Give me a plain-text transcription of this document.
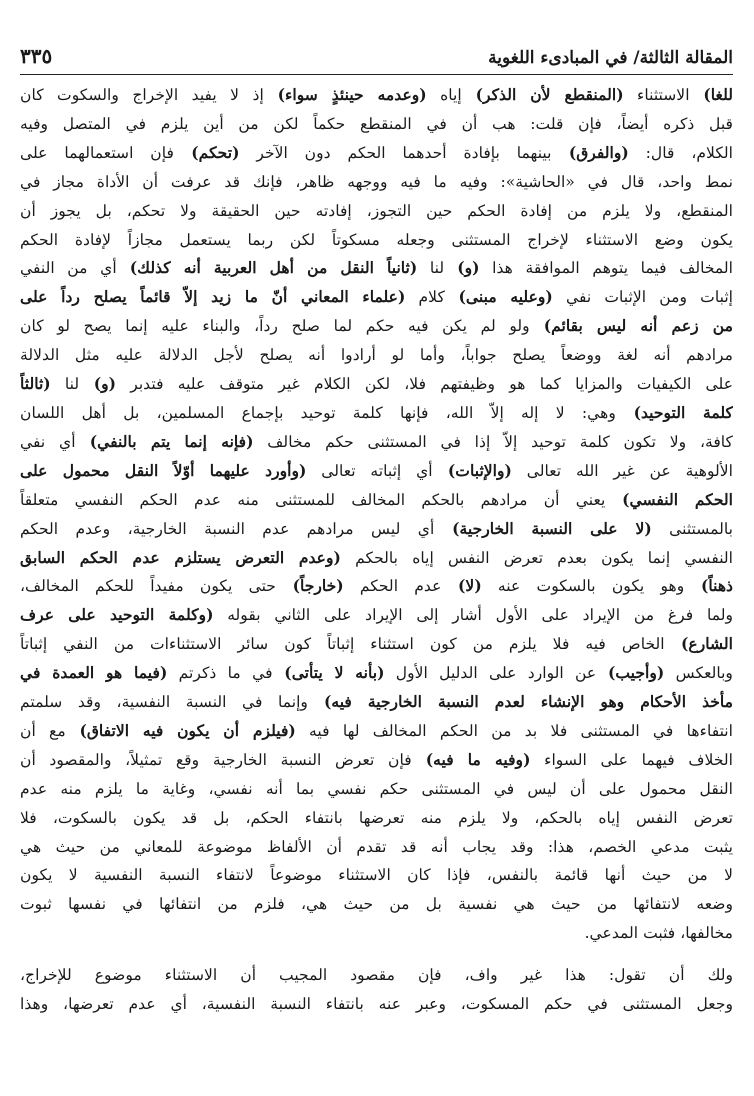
المقالة الثالثة/ في المبادىء اللغوية
٣٣٥
للغا) الاستثناء (المنقطع لأن الذكر) إياه (وعدمه حينئذٍ سواء) إذ لا يفيد الإخراج والسكوت كان
قبل ذكره أيضاً، فإن قلت: هب أن في المنقطع حكماً لكن من أين يلزم في المتصل وفيه
الكلام، قال: (والفرق) بينهما بإفادة أحدهما الحكم دون الآخر (تحكم) فإن استعمالهما على
نمط واحد، قال في «الحاشية»: وفيه ما فيه ووجهه ظاهر، فإنك قد عرفت أن الأداة مجاز في
المنقطع، ولا يلزم من إفادة الحكم حين التجوز، إفادته حين الحقيقة ولا تحكم، بل يجوز أن
يكون وضع الاستثناء لإخراج المستثنى وجعله مسكوتاً لكن ربما يستعمل مجازاً لإفادة الحكم
المخالف فيما يتوهم الموافقة هذا (و) لنا (ثانياً النقل من أهل العربية أنه كذلك) أي من النفي
إثبات ومن الإثبات نفي (وعليه مبنى) كلام (علماء المعاني أنّ ما زيد إلاّ قائماً يصلح رداً على
من زعم أنه ليس بقائم) ولو لم يكن فيه حكم لما صلح رداً، والبناء عليه إنما يصح لو كان
مرادهم أنه لغة ووضعاً يصلح جواباً، وأما لو أرادوا أنه يصلح لأجل الدلالة عليه مثل الدلالة
على الكيفيات والمزايا كما هو وظيفتهم فلا، لكن الكلام غير متوقف عليه فتدبر (و) لنا (ثالثاً
كلمة التوحيد) وهي: لا إله إلاّ الله، فإنها كلمة توحيد بإجماع المسلمين، بل أهل اللسان
كافة، ولا تكون كلمة توحيد إلاّ إذا في المستثنى حكم مخالف (فإنه إنما يتم بالنفي) أي نفي
الألوهية عن غير الله تعالى (والإثبات) أي إثباته تعالى (وأورد عليهما أوّلاً النقل محمول على
الحكم النفسي) يعني أن مرادهم بالحكم المخالف للمستثنى منه عدم الحكم النفسي متعلقاً
بالمستثنى (لا على النسبة الخارجية) أي ليس مرادهم عدم النسبة الخارجية، وعدم الحكم
النفسي إنما يكون بعدم تعرض النفس إياه بالحكم (وعدم التعرض يستلزم عدم الحكم السابق
ذهناً) وهو يكون بالسكوت عنه (لا) عدم الحكم (خارجاً) حتى يكون مفيداً للحكم المخالف،
ولما فرغ من الإيراد على الأول أشار إلى الإيراد على الثاني بقوله (وكلمة التوحيد على عرف
الشارع) الخاص فيه فلا يلزم من كون استثناء إثباتاً كون سائر الاستثناءات من النفي إثباتاً
وبالعكس (وأجيب) عن الوارد على الدليل الأول (بأنه لا يتأتى) في ما ذكرتم (فيما هو العمدة في
مأخذ الأحكام وهو الإنشاء لعدم النسبة الخارجية فيه) وإنما في النسبة النفسية، وقد سلمتم
انتفاءها في المستثنى فلا بد من الحكم المخالف لها فيه (فيلزم أن يكون فيه الاتفاق) مع أن
الخلاف فيهما على السواء (وفيه ما فيه) فإن تعرض النسبة الخارجية وقع تمثيلاً، والمقصود أن
النقل محمول على أن ليس في المستثنى حكم نفسي بما أنه نفسي، وغاية ما يلزم منه عدم
تعرض النفس إياه بالحكم، ولا يلزم منه تعرضها بانتفاء الحكم، بل قد يكون بالسكوت، فلا
يثبت مدعي الخصم، هذا: وقد يجاب أنه قد تقدم أن الألفاظ موضوعة للمعاني من حيث هي
لا من حيث أنها قائمة بالنفس، فإذا كان الاستثناء موضوعاً لانتفاء النسبة النفسية لا يكون
وضعه لانتفائها من حيث هي نفسية بل من حيث هي، فلزم من انتفائها في نفسها ثبوت
مخالفها، فثبت المدعي.
ولك أن تقول: هذا غير واف، فإن مقصود المجيب أن الاستثناء موضوع للإخراج،
وجعل المستثنى في حكم المسكوت، وعبر عنه بانتفاء النسبة النفسية، أي عدم تعرضها، وهذا
